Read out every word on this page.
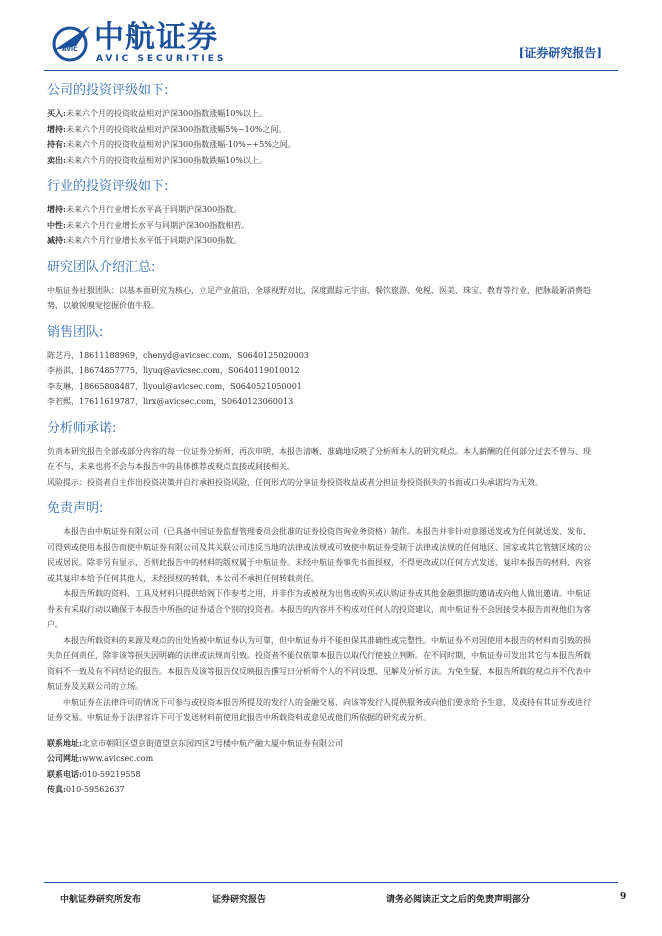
AVIC 中航证券
AVIC SECURITIES	[证券研究报告]
公司的投资评级如下:
买入:未来六个月的投资收益相对沪深300指数涨幅10%以上。
增持:未来六个月的投资收益相对沪深300指数涨幅5%~10%之间。
持有:未来六个月的投资收益相对沪深300指数涨幅-10%~+5%之间。
卖出:未来六个月的投资收益相对沪深300指数跌幅10%以上。
行业的投资评级如下:
增持:未来六个月行业增长水平高于同期沪深300指数。
中性:未来六个月行业增长水平与同期沪深300指数相若。
减持:未来六个月行业增长水平低于同期沪深300指数。
研究团队介绍汇总:
中航证券社服团队：以基本面研究为核心，立足产业前沿，全球视野对比，深度跟踪元宇宙、餐饮旅游、免税、医美、珠宝、教育等行业，把脉最新消费趋
势，以敏锐嗅觉挖掘价值牛股。
销售团队:
陈艺丹，18611188969，chenyd@avicsec.com，S0640125020003
李裕淇，18674857775，liyuq@avicsec.com，S0640119010012
李友琳，18665808487，liyoul@avicsec.com，S0640521050001
李若熙，17611619787，lirx@avicsec.com，S0640123060013
分析师承诺:
负责本研究报告全部或部分内容的每一位证券分析师，再次申明，本报告清晰、准确地反映了分析师本人的研究观点。本人薪酬的任何部分过去不曾与、现
在不与，未来也将不会与本报告中的具体推荐或观点直接或间接相关。
风险提示：投资者自主作出投资决策并自行承担投资风险，任何形式的分享证券投资收益或者分担证券投资损失的书面或口头承诺均为无效。
免责声明:
本报告由中航证券有限公司（已具备中国证券监督管理委员会批准的证券投资咨询业务资格）制作。本报告并非针对意图送发或为任何就送发、发布、
可得到或使用本报告而使中航证券有限公司及其关联公司违反当地的法律或法规或可致使中航证券受制于法律或法规的任何地区、国家或其它管辖区域的公
民或居民。除非另有显示，否则此报告中的材料的版权属于中航证券。未经中航证券事先书面授权，不得更改或以任何方式发送、复印本报告的材料、内容
或其复印本给予任何其他人，未经授权的转载，本公司不承担任何转载责任。
本报告所载的资料、工具及材料只提供给阁下作参考之用，并非作为或被视为出售或购买或认购证券或其他金融票据的邀请或向他人做出邀请。中航证
券未有采取行动以确保于本报告中所指的证券适合个别的投资者。本报告的内容并不构成对任何人的投资建议，而中航证券不会因接受本报告而视他们为客
户。
本报告所载资料的来源及观点的出处皆被中航证券认为可靠，但中航证券并不能担保其准确性或完整性。中航证券不对因使用本报告的材料而引致的损
失负任何责任，除非该等损失因明确的法律或法规而引致。投资者不能仅依靠本报告以取代行使独立判断。在不同时期，中航证券可发出其它与本报告所载
资料不一致及有不同结论的报告。本报告及该等报告仅反映报告撰写日分析师个人的不同设想、见解及分析方法。为免生疑，本报告所载的观点并不代表中
航证券及关联公司的立场。
中航证券在法律许可的情况下可参与或投资本报告所提及的发行人的金融交易，向该等发行人提供服务或向他们要求给予生意，及或持有其证券或进行
证券交易。中航证券于法律容许下可于发送材料前使用此报告中所载资料或意见或他们所依据的研究或分析。
联系地址:北京市朝阳区望京街道望京东园四区2号楼中航产融大厦中航证券有限公司
公司网址:www.avicsec.com
联系电话:010-59219558
传真:010-59562637
中航证券研究所发布	证券研究报告	请务必阅读正文之后的免责声明部分	9
